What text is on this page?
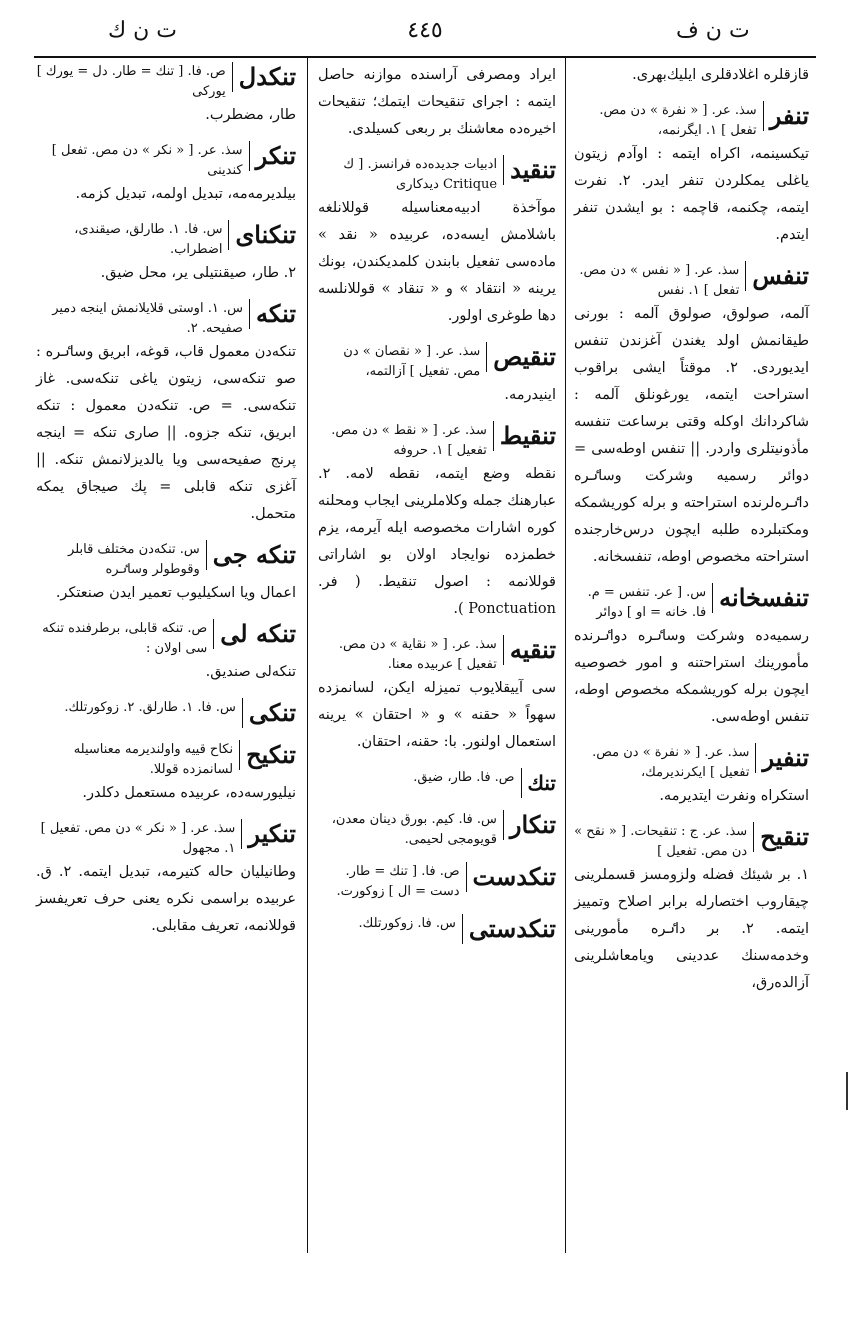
ت ن ك	٤٤٥	ت ن ف
قازقلره اغلادقلری ایلیك‌بهری.
تنفر
سذ. عر. [ « نفرة » دن مص. تفعل ] ١. ایگرنمه،
تیکسینمه، اکراه ایتمه : اوآدم زیتون یاغلی یمکلردن تنفر ایدر. ٢. نفرت ایتمه، چکنمه، قاچمه : بو ایشدن تنفر ایتدم.
تنفس
سذ. عر. [ « نفس » دن مص. تفعل ] ١. نفس
آلمه، صولوق، صولوق آلمه : بورنی طیقانمش اولد یغندن آغزندن تنفس ایدیوردی. ٢. موقتاً ایشی براقوب استراحت ایتمه، یورغونلق آلمه : شاکردانك اوکله وقتی برساعت تنفسه مأذونیتلری واردر. || تنفس اوطه‌سی = دوائر رسمیه وشرکت وساٸره داٸره‌لرنده استراحته و برله کوریشمکه ومکتبلرده طلبه ایچون درس‌خارجنده استراحته مخصوص اوطه، تنفسخانه.
تنفسخانه
س. [ عر. تنفس = م. فا. خانه = او ] دوائر
رسمیه‌ده وشرکت وساٸره دواٸرنده مأمورینك استراحتنه و امور خصوصیه ایچون برله کوریشمکه مخصوص اوطه، تنفس اوطه‌سی.
تنفیر
سذ. عر. [ « نفرة » دن مص. تفعیل ] ایکرندیرمك،
استکراه ونفرت ایتدیرمه.
تنقیح
سذ. عر. ج : تنقیحات. [ « نقح » دن مص. تفعیل ]
١. بر شیئك فضله ولزومسز قسملرینی چیقاروب اختصارله برابر اصلاح وتمییز ایتمه. ٢. بر داٸره مأمورینی وخدمه‌سنك عددینی ویامعاشلرینی آزالده‌رق،
ایراد ومصرفی آراسنده موازنه حاصل ایتمه : اجرای تنقیحات ایتمك؛ تنقیحات اخیره‌ده معاشنك بر ربعی کسیلدی.
تنقید
ادبیات جدیده‌ده فرانسز. [ ك Critique دیدکاری
موآخذة ادبیه‌معناسیله قوللانلغه باشلامش ایسه‌ده، عربیده « نقد » ماده‌سی تفعیل بابندن کلمدیکندن، بونك یرینه « انتقاد » و « تنقاد » قوللانلسه دها طوغری اولور.
تنقیص
سذ. عر. [ « نقصان » دن مص. تفعیل ] آزالتمه،
اینیدرمه.
تنقیط
سذ. عر. [ « نقط » دن مص. تفعیل ] ١. حروفه
نقطه وضع ایتمه، نقطه لامه. ٢. عبارهنك جمله وکلاملرینی ایجاب ومحلنه کوره اشارات مخصوصه ایله آیرمه، یزم خطمزده نوایجاد اولان بو اشاراتی قوللانمه : اصول تنقیط. ( فر. Ponctuation ).
تنقیه
سذ. عر. [ « نقاية » دن مص. تفعیل ] عربیده معنا.
سی آییقلایوب تمیزله ایکن، لسانمزده سهواً « حقنه » و « احتقان » یرینه استعمال اولنور. با: حقنه، احتقان.
تنك
ص. فا. طار، ضیق.
تنكار
س. فا. کیم. بورق دینان معدن، قویومجی لحیمی.
تنكدست
ص. فا. [ تنك = طار. دست = ال ] زوکورت.
تنكدستی
س. فا. زوکورتلك.
تنكدل
ص. فا. [ تنك = طار. دل = یورك ] یوركی
طار، مضطرب.
تنكر
سذ. عر. [ « نكر » دن مص. تفعل ] کندینی
بیلدیرمه‌مه، تبدیل اولمه، تبدیل کزمه.
تنكنای
س. فا. ١. طارلق، صیقندی، اضطراب.
٢. طار، صیقنتیلی یر، محل ضیق.
تنكه
س. ١. اوستی قلایلانمش اینجه دمیر صفیحه. ٢.
تنکه‌دن معمول قاب، قوغه، ابریق وساٸره : صو تنکه‌سی، زیتون یاغی تنکه‌سی. غاز تنکه‌سی. = ص. تنکه‌دن معمول : تنکه ابریق، تنکه جزوه. || صاری تنکه = اینجه پرنج صفیحه‌سی ویا یالدیزلانمش تنکه. || آغزی تنکه قابلی = پك صیجاق یمکه متحمل.
تنکه جی
س. تنکه‌دن مختلف قابلر وقوطولر وساٸره
اعمال ویا اسکیلیوب تعمیر ایدن صنعتکر.
تنکه لی
ص. تنکه قابلی، برطرفنده تنکه سی اولان :
تنکه‌لی صندیق.
تنکی
س. فا. ١. طارلق. ٢. زوکورتلك.
تنكیح
نکاح قییه واولندیرمه معناسیله لسانمزده قوللا.
نیلیورسه‌ده، عربیده مستعمل دکلدر.
تنكیر
سذ. عر. [ « نكر » دن مص. تفعیل ] ١. مجهول
وطانیلیان حاله کتیرمه، تبدیل ایتمه. ٢. ق. عربیده براسمی نکره یعنی حرف تعریفسز قوللانمه، تعریف مقابلی.
